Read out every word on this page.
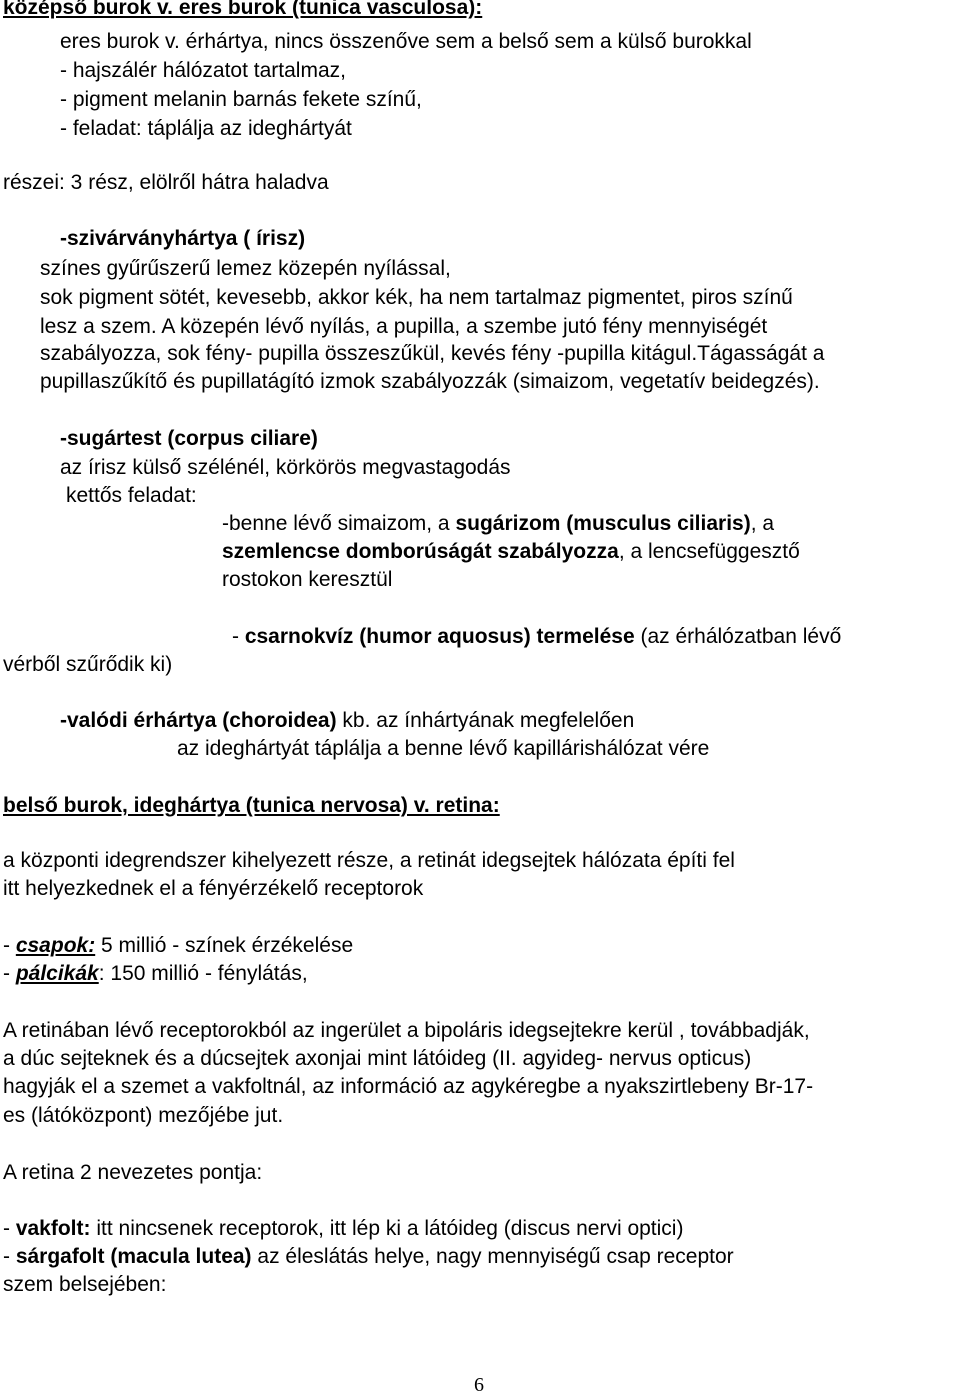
középső burok v. eres burok (tunica vasculosa):
eres burok v. érhártya, nincs összenőve sem a belső sem a külső burokkal
- hajszálér hálózatot tartalmaz,
- pigment melanin barnás fekete színű,
- feladat: táplálja az ideghártyát
részei: 3 rész, elölről hátra haladva
-szivárványhártya ( írisz)
színes gyűrűszerű lemez közepén nyílással,
sok pigment sötét, kevesebb, akkor kék, ha nem tartalmaz pigmentet, piros színű
lesz a szem. A közepén lévő nyílás, a pupilla, a szembe jutó fény mennyiségét
szabályozza, sok fény- pupilla összeszűkül, kevés fény -pupilla kitágul.Tágasságát a
pupillaszűkítő és pupillatágító izmok szabályozzák (simaizom, vegetatív beidegzés).
-sugártest (corpus ciliare)
az írisz külső szélénél, körkörös megvastagodás
kettős feladat:
-benne lévő simaizom, a sugárizom (musculus ciliaris), a
szemlencse domborúságát szabályozza, a lencsefüggesztő
rostokon keresztül
- csarnokvíz (humor aquosus) termelése (az érhálózatban lévő
vérből szűrődik ki)
-valódi érhártya (choroidea) kb. az ínhártyának megfelelően
az ideghártyát táplálja a benne lévő kapillárishálózat vére
belső burok, ideghártya (tunica nervosa) v. retina:
a központi idegrendszer kihelyezett része, a retinát idegsejtek hálózata építi fel
itt helyezkednek el a fényérzékelő receptorok
- csapok: 5 millió - színek érzékelése
- pálcikák: 150 millió - fénylátás,
A retinában lévő receptorokból az ingerület a bipoláris idegsejtekre kerül , továbbadják,
a dúc sejteknek és a dúcsejtek axonjai mint látóideg (II. agyideg- nervus opticus)
hagyják el a szemet a vakfoltnál, az információ az agykéregbe a nyakszirtlebeny Br-17-
es (látóközpont) mezőjébe jut.
A retina 2 nevezetes pontja:
- vakfolt: itt nincsenek receptorok, itt lép ki a látóideg (discus nervi optici)
- sárgafolt (macula lutea) az éleslátás helye, nagy mennyiségű csap receptor
szem belsejében:
6
